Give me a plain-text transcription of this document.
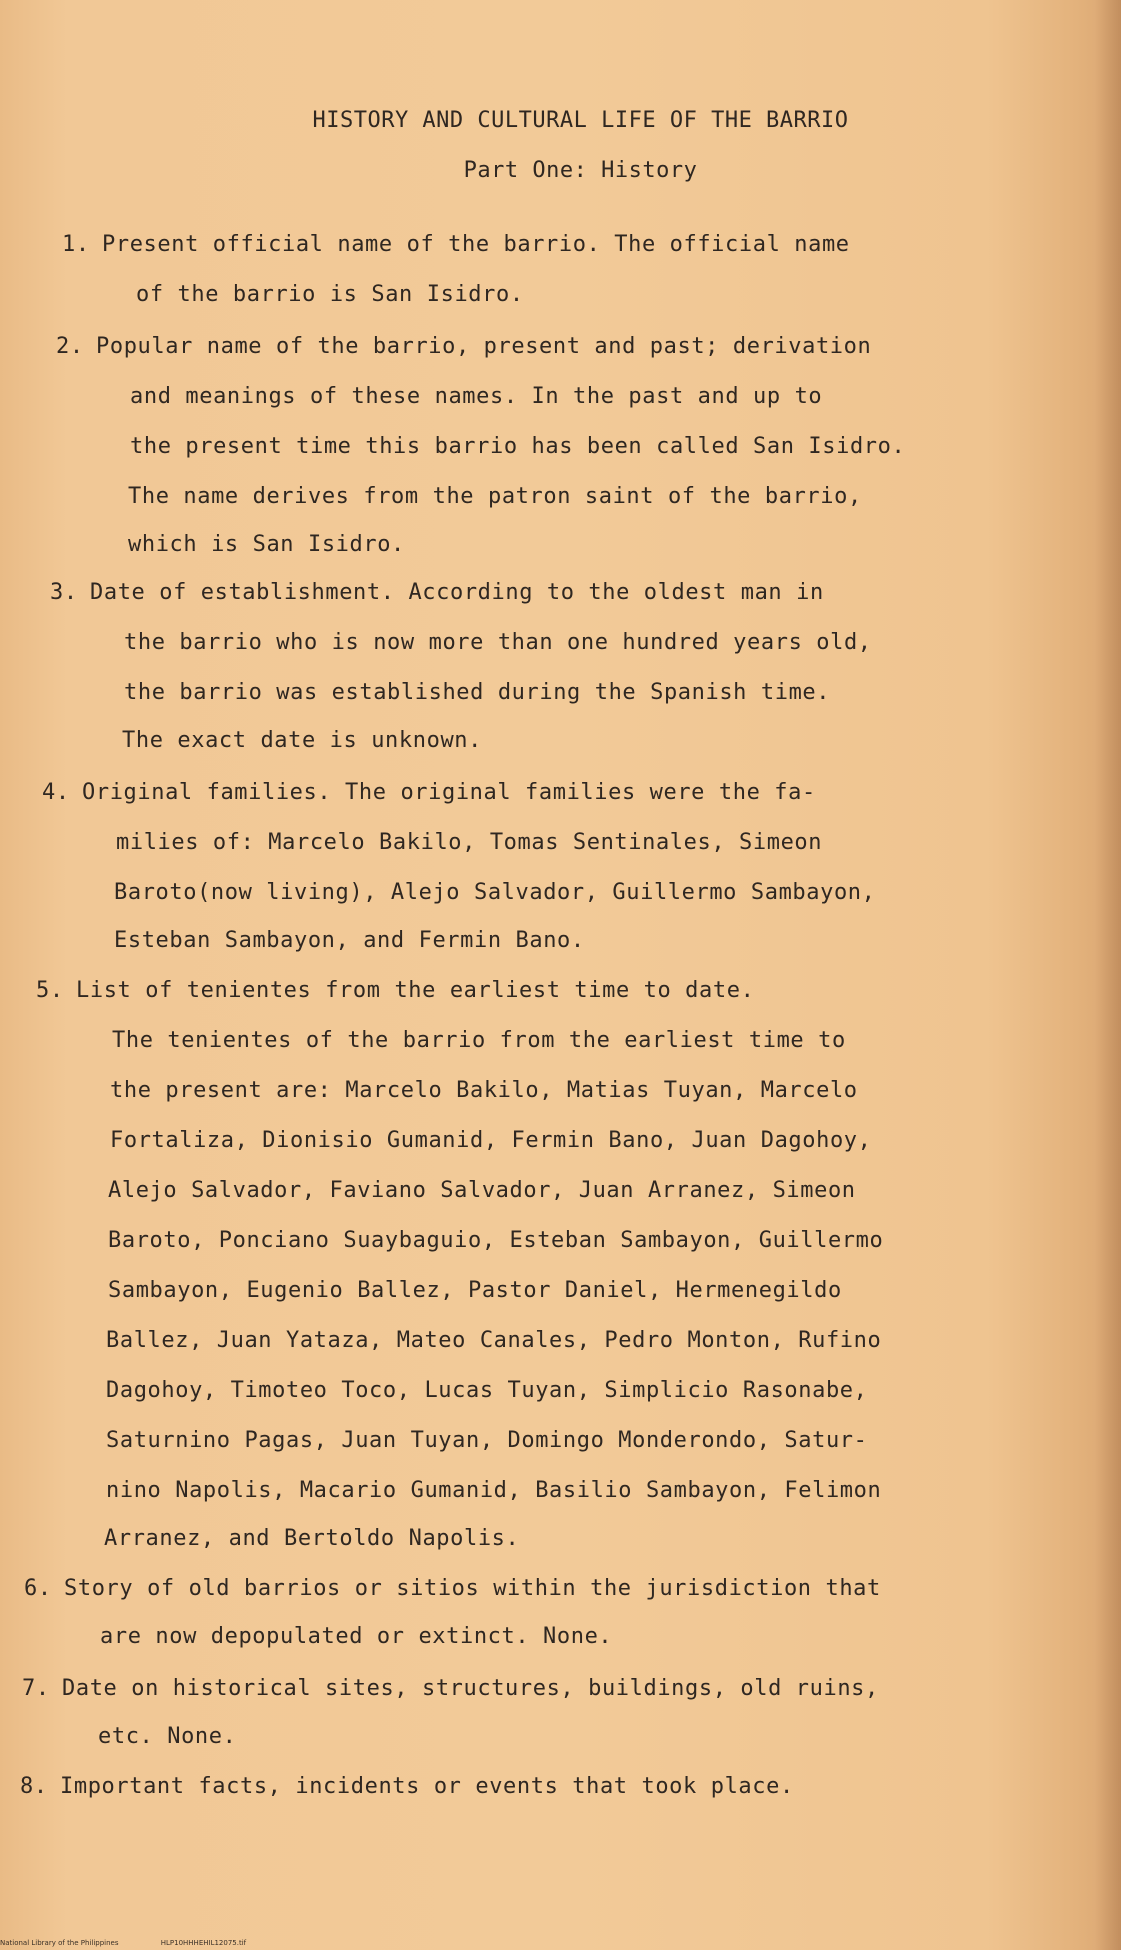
HISTORY AND CULTURAL LIFE OF THE BARRIO
Part One: History
1. Present official name of the barrio. The official name
of the barrio is San Isidro.
2. Popular name of the barrio, present and past; derivation
and meanings of these names. In the past and up to
the present time this barrio has been called San Isidro.
The name derives from the patron saint of the barrio,
which is San Isidro.
3. Date of establishment. According to the oldest man in
the barrio who is now more than one hundred years old,
the barrio was established during the Spanish time.
The exact date is unknown.
4. Original families. The original families were the fa-
milies of: Marcelo Bakilo, Tomas Sentinales, Simeon
Baroto(now living), Alejo Salvador, Guillermo Sambayon,
Esteban Sambayon, and Fermin Bano.
5. List of tenientes from the earliest time to date.
The tenientes of the barrio from the earliest time to
the present are: Marcelo Bakilo, Matias Tuyan, Marcelo
Fortaliza, Dionisio Gumanid, Fermin Bano, Juan Dagohoy,
Alejo Salvador, Faviano Salvador, Juan Arranez, Simeon
Baroto, Ponciano Suaybaguio, Esteban Sambayon, Guillermo
Sambayon, Eugenio Ballez, Pastor Daniel, Hermenegildo
Ballez, Juan Yataza, Mateo Canales, Pedro Monton, Rufino
Dagohoy, Timoteo Toco, Lucas Tuyan, Simplicio Rasonabe,
Saturnino Pagas, Juan Tuyan, Domingo Monderondo, Satur-
nino Napolis, Macario Gumanid, Basilio Sambayon, Felimon
Arranez, and Bertoldo Napolis.
6. Story of old barrios or sitios within the jurisdiction that
are now depopulated or extinct. None.
7. Date on historical sites, structures, buildings, old ruins,
etc. None.
8. Important facts, incidents or events that took place.
National Library of the Philippines	HLP10HHHEHIL12075.tif
